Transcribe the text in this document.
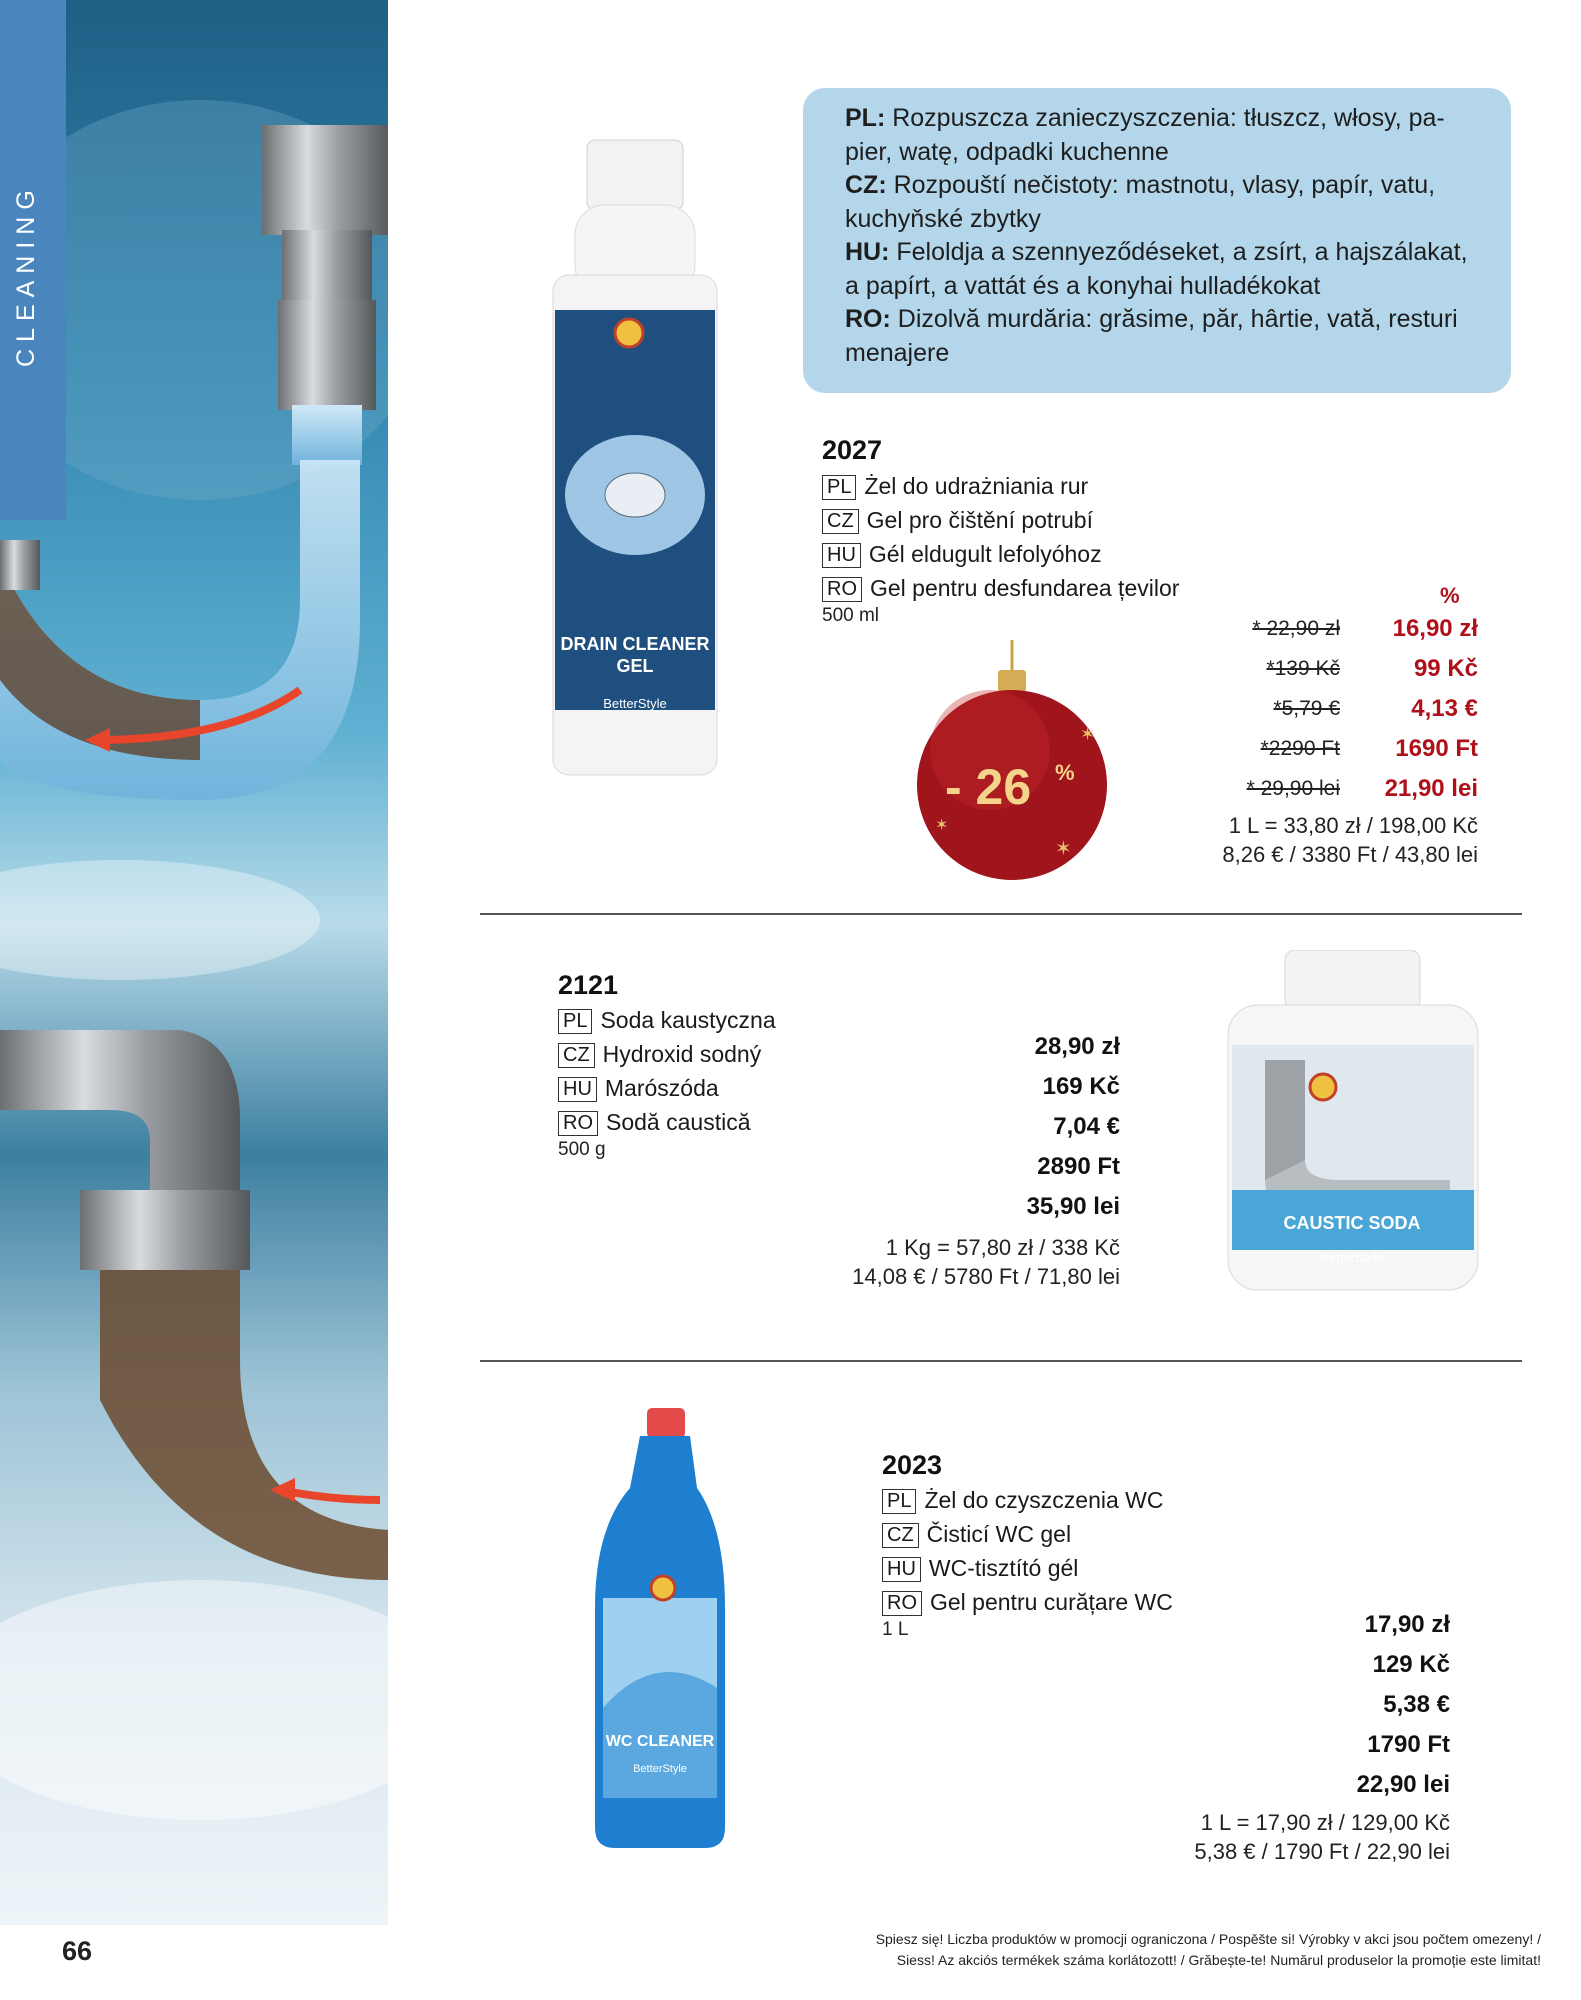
CLEANING
PL: Rozpuszcza zanieczyszczenia: tłuszcz, włosy, pa-
pier, watę, odpadki kuchenne
CZ: Rozpouští nečistoty: mastnotu, vlasy, papír, vatu,
kuchyňské zbytky
HU: Feloldja a szennyeződéseket, a zsírt, a hajszálakat,
a papírt, a vattát és a konyhai hulladékokat
RO: Dizolvă murdăria: grăsime, păr, hârtie, vată, resturi
menajere
DRAIN CLEANER
GEL
BetterStyle
2027
PL Żel do udrażniania rur
CZ Gel pro čištění potrubí
HU Gél eldugult lefolyóhoz
RO Gel pentru desfundarea țevilor
500 ml
✶
✶
✶
- 26 %
%
* 22,90 zł
*139 Kč
*5,79 €
*2290 Ft
* 29,90 lei
16,90 zł
99 Kč
4,13 €
1690 Ft
21,90 lei
1 L = 33,80 zł / 198,00 Kč
8,26 € / 3380 Ft / 43,80 lei
2121
PL Soda kaustyczna
CZ Hydroxid sodný
HU Marószóda
RO Sodă caustică
500 g
28,90 zł
169 Kč
7,04 €
2890 Ft
35,90 lei
1 Kg = 57,80 zł / 338 Kč
14,08 € / 5780 Ft / 71,80 lei
CAUSTIC SODA
BetterStyle
WC CLEANER
BetterStyle
2023
PL Żel do czyszczenia WC
CZ Čisticí WC gel
HU WC-tisztító gél
RO Gel pentru curățare WC
1 L	17,90 zł
129 Kč
5,38 €
1790 Ft
22,90 lei
1 L = 17,90 zł / 129,00 Kč
5,38 € / 1790 Ft / 22,90 lei
66	Spiesz się! Liczba produktów w promocji ograniczona / Pospěšte si! Výrobky v akci jsou počtem omezeny! /
Siess! Az akciós termékek száma korlátozott! / Grăbește-te! Numărul produselor la promoție este limitat!
